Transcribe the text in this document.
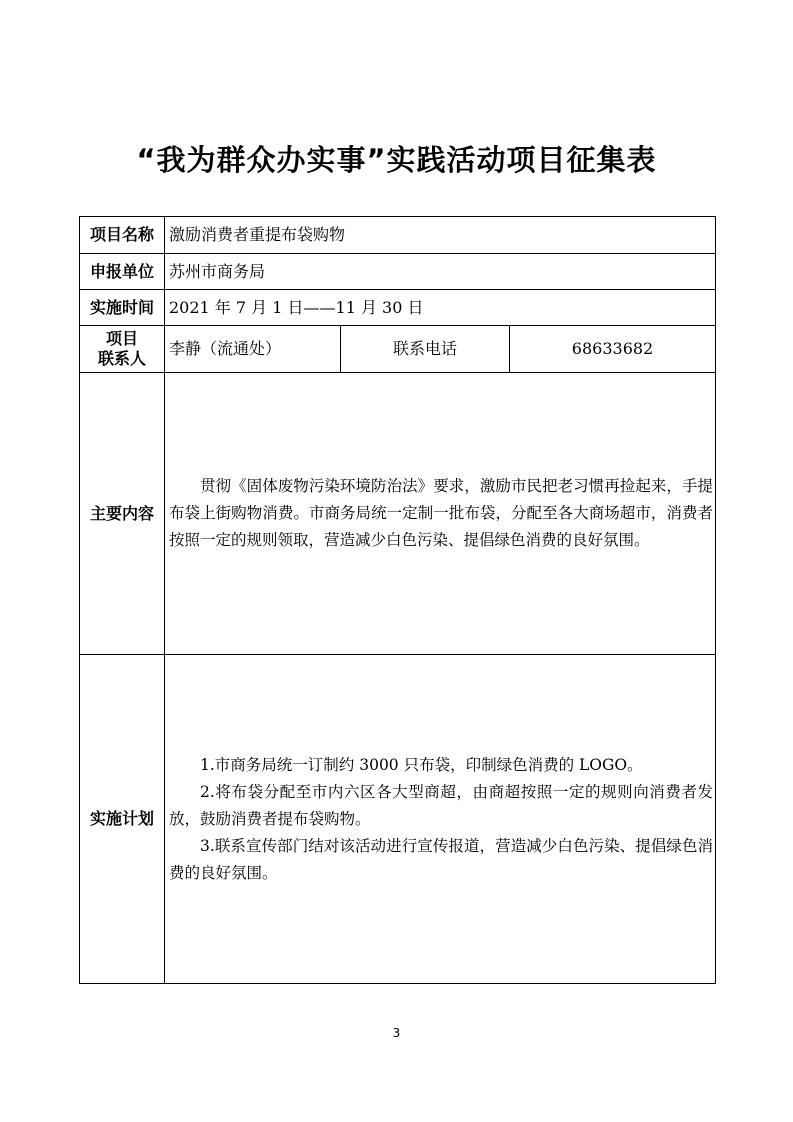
“我为群众办实事”实践活动项目征集表
项目名称	激励消费者重提布袋购物		
申报单位	苏州市商务局		
实施时间	2021 年 7 月 1 日——11 月 30 日		

项目
联系人	李静（流通处）	联系电话	68633682
主要内容	贯彻《固体废物污染环境防治法》要求，激励市民把老习惯再捡起来，手提布袋上街购物消费。市商务局统一定制一批布袋，分配至各大商场超市，消费者按照一定的规则领取，营造减少白色污染、提倡绿色消费的良好氛围。		

实施计划	1.市商务局统一订制约 3000 只布袋，印制绿色消费的 LOGO。

2.将布袋分配至市内六区各大型商超，由商超按照一定的规则向消费者发放，鼓励消费者提布袋购物。

3.联系宣传部门结对该活动进行宣传报道，营造减少白色污染、提倡绿色消费的良好氛围。		

3
